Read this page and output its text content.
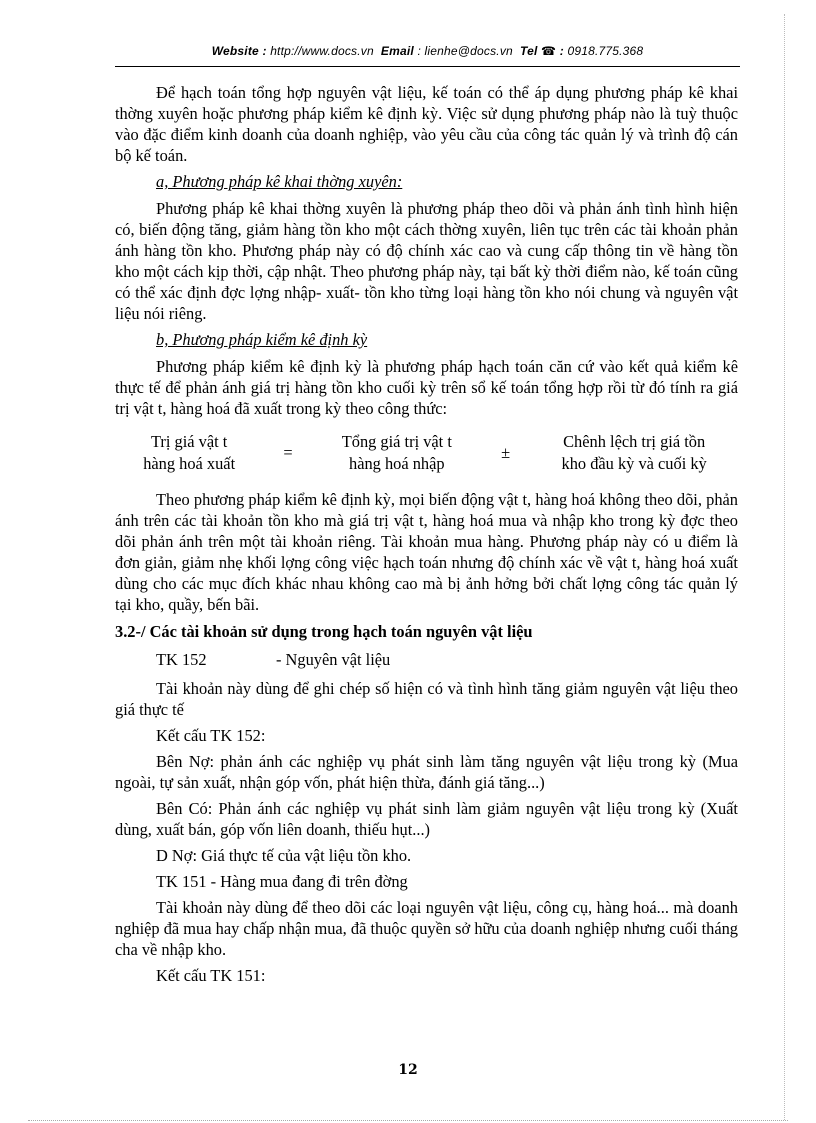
Website : http://www.docs.vn Email : lienhe@docs.vn Tel ☎ : 0918.775.368

Để hạch toán tổng hợp nguyên vật liệu, kế toán có thể áp dụng phương pháp kê khai thờng xuyên hoặc phương pháp kiểm kê định kỳ. Việc sử dụng phương pháp nào là tuỳ thuộc vào đặc điểm kinh doanh của doanh nghiệp, vào yêu cầu của công tác quản lý và trình độ cán bộ kế toán.

a, Phương pháp kê khai thờng xuyên:

Phương pháp kê khai thờng xuyên là phương pháp theo dõi và phản ánh tình hình hiện có, biến động tăng, giảm hàng tồn kho một cách thờng xuyên, liên tục trên các tài khoản phản ánh hàng tồn kho. Phương pháp này có độ chính xác cao và cung cấp thông tin về hàng tồn kho một cách kịp thời, cập nhật. Theo phương pháp này, tại bất kỳ thời điểm nào, kế toán cũng có thể xác định đợc lợng nhập- xuất- tồn kho từng loại hàng tồn kho nói chung và nguyên vật liệu nói riêng.

b, Phương pháp kiểm kê định kỳ

Phương pháp kiểm kê định kỳ là phương pháp hạch toán căn cứ vào kết quả kiểm kê thực tế để phản ánh giá trị hàng tồn kho cuối kỳ trên sổ kế toán tổng hợp rồi từ đó tính ra giá trị vật t, hàng hoá đã xuất trong kỳ theo công thức:

Trị giá vật t
hàng hoá xuất
=
Tổng giá trị vật t
hàng hoá nhập
±
Chênh lệch trị giá tồn
kho đầu kỳ và cuối kỳ

Theo phương pháp kiểm kê định kỳ, mọi biến động vật t, hàng hoá không theo dõi, phản ánh trên các tài khoản tồn kho mà giá trị vật t, hàng hoá mua và nhập kho trong kỳ đợc theo dõi phản ánh trên một tài khoản riêng. Tài khoản mua hàng. Phương pháp này có u điểm là đơn giản, giảm nhẹ khối lợng công việc hạch toán nhưng độ chính xác về vật t, hàng hoá xuất dùng cho các mục đích khác nhau không cao mà bị ảnh hởng bởi chất lợng công tác quản lý tại kho, quầy, bến bãi.

3.2-/ Các tài khoản sử dụng trong hạch toán nguyên vật liệu
TK 152	- Nguyên vật liệu

Tài khoản này dùng để ghi chép số hiện có và tình hình tăng giảm nguyên vật liệu theo giá thực tế

Kết cấu TK 152:

Bên Nợ: phản ánh các nghiệp vụ phát sinh làm tăng nguyên vật liệu trong kỳ (Mua ngoài, tự sản xuất, nhận góp vốn, phát hiện thừa, đánh giá tăng...)

Bên Có: Phản ánh các nghiệp vụ phát sinh làm giảm nguyên vật liệu trong kỳ (Xuất dùng, xuất bán, góp vốn liên doanh, thiếu hụt...)

D Nợ: Giá thực tế của vật liệu tồn kho.

TK 151 - Hàng mua đang đi trên đờng

Tài khoản này dùng để theo dõi các loại nguyên vật liệu, công cụ, hàng hoá... mà doanh nghiệp đã mua hay chấp nhận mua, đã thuộc quyền sở hữu của doanh nghiệp nhưng cuối tháng cha về nhập kho.

Kết cấu TK 151:

12
